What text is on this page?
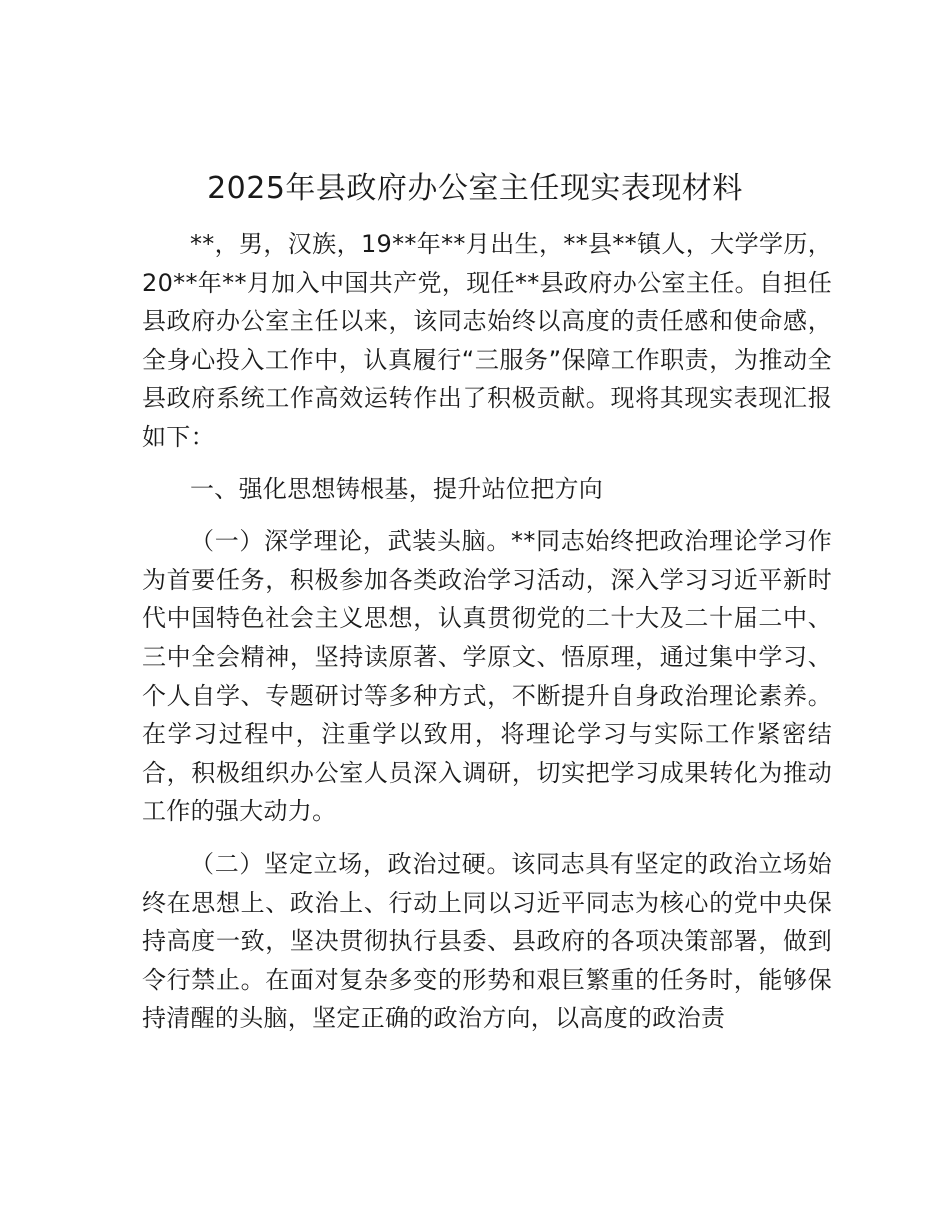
2025年县政府办公室主任现实表现材料

**，男，汉族，19**年**月出生，**县**镇人，大学学历，20**年**月加入中国共产党，现任**县政府办公室主任。自担任县政府办公室主任以来，该同志始终以高度的责任感和使命感，全身心投入工作中，认真履行“三服务”保障工作职责，为推动全县政府系统工作高效运转作出了积极贡献。现将其现实表现汇报如下：

一、强化思想铸根基，提升站位把方向

（一）深学理论，武装头脑。**同志始终把政治理论学习作为首要任务，积极参加各类政治学习活动，深入学习习近平新时代中国特色社会主义思想，认真贯彻党的二十大及二十届二中、三中全会精神，坚持读原著、学原文、悟原理，通过集中学习、个人自学、专题研讨等多种方式，不断提升自身政治理论素养。在学习过程中，注重学以致用，将理论学习与实际工作紧密结合，积极组织办公室人员深入调研，切实把学习成果转化为推动工作的强大动力。

（二）坚定立场，政治过硬。该同志具有坚定的政治立场始终在思想上、政治上、行动上同以习近平同志为核心的党中央保持高度一致，坚决贯彻执行县委、县政府的各项决策部署，做到令行禁止。在面对复杂多变的形势和艰巨繁重的任务时，能够保持清醒的头脑，坚定正确的政治方向，以高度的政治责
